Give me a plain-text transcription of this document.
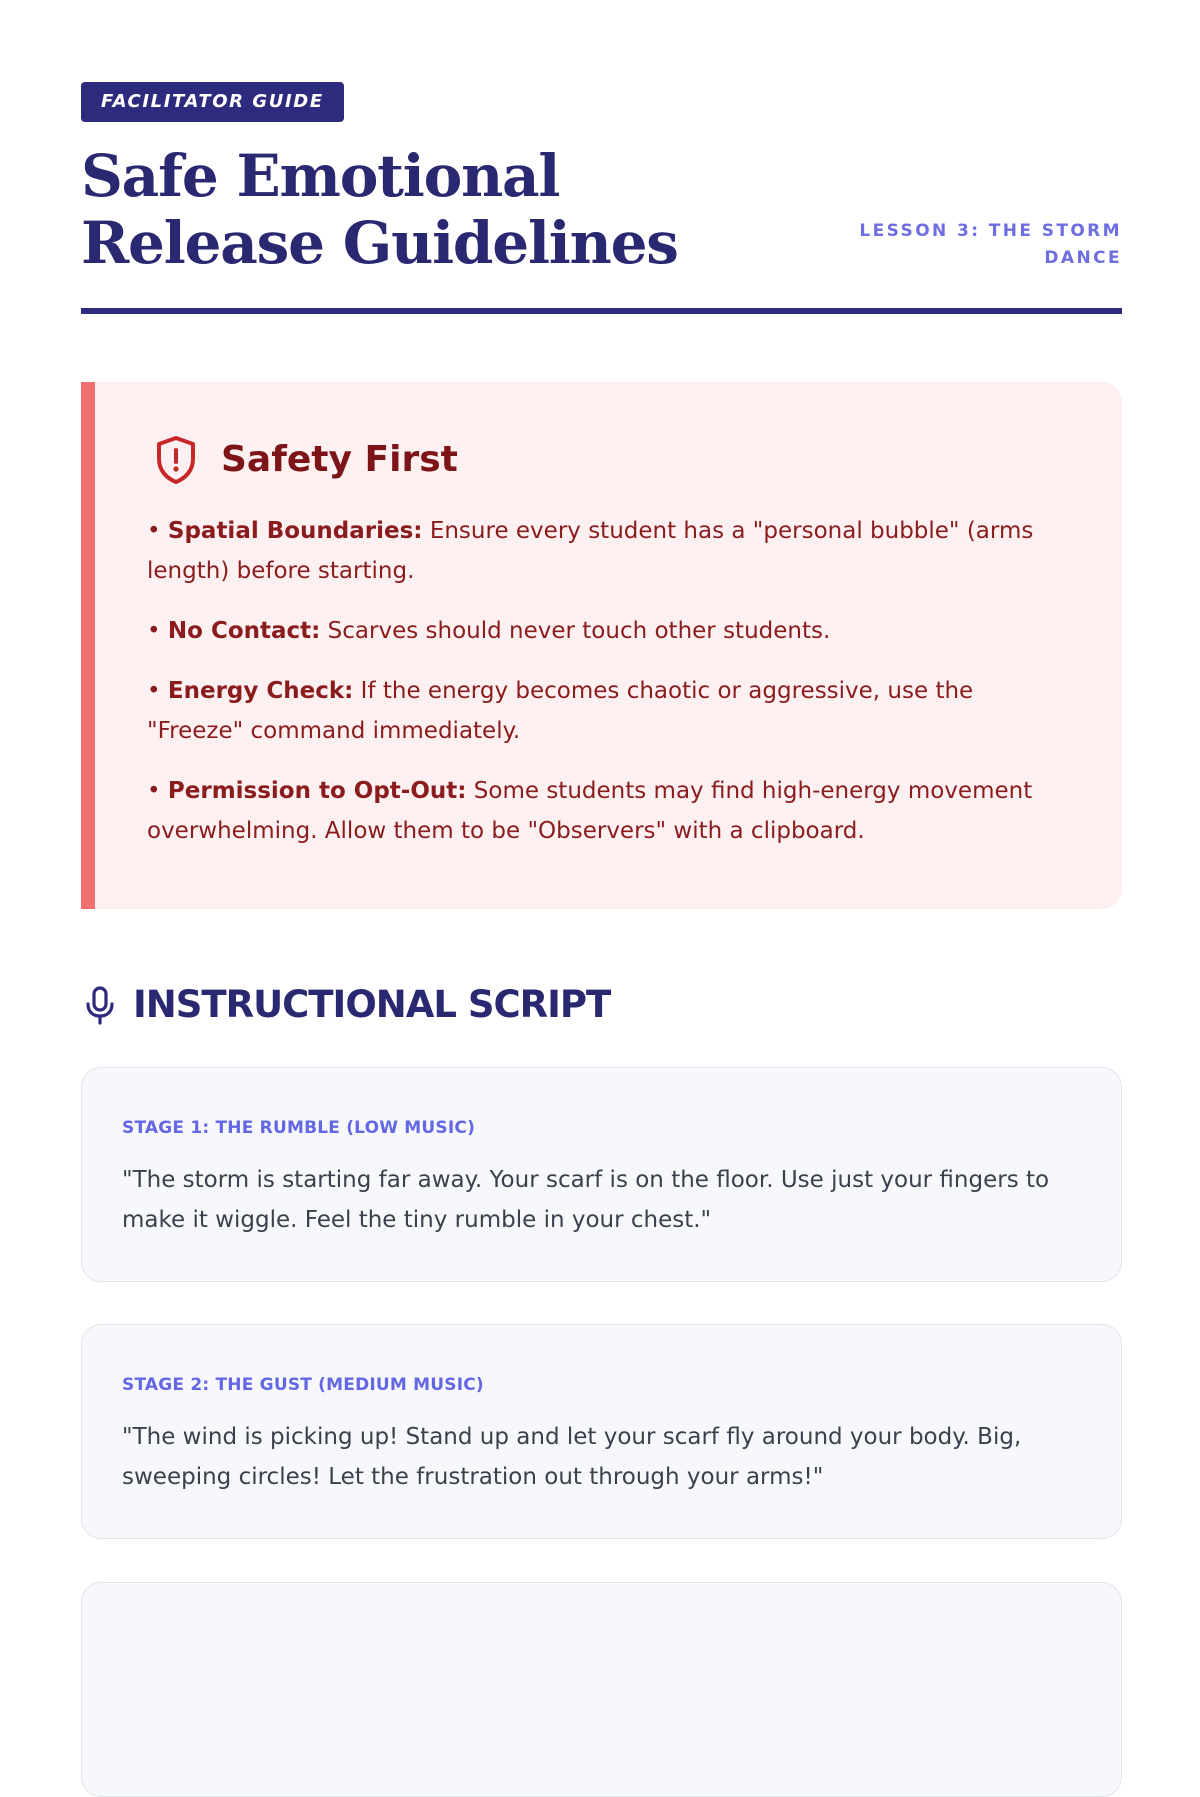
FACILITATOR GUIDE
Safe Emotional Release Guidelines	LESSON 3: THE STORM DANCE
Safety First
• Spatial Boundaries: Ensure every student has a "personal bubble" (arms length) before starting.
• No Contact: Scarves should never touch other students.
• Energy Check: If the energy becomes chaotic or aggressive, use the "Freeze" command immediately.
• Permission to Opt-Out: Some students may find high-energy movement overwhelming. Allow them to be "Observers" with a clipboard.
INSTRUCTIONAL SCRIPT
STAGE 1: THE RUMBLE (LOW MUSIC)
"The storm is starting far away. Your scarf is on the floor. Use just your fingers to make it wiggle. Feel the tiny rumble in your chest."
STAGE 2: THE GUST (MEDIUM MUSIC)
"The wind is picking up! Stand up and let your scarf fly around your body. Big, sweeping circles! Let the frustration out through your arms!"
